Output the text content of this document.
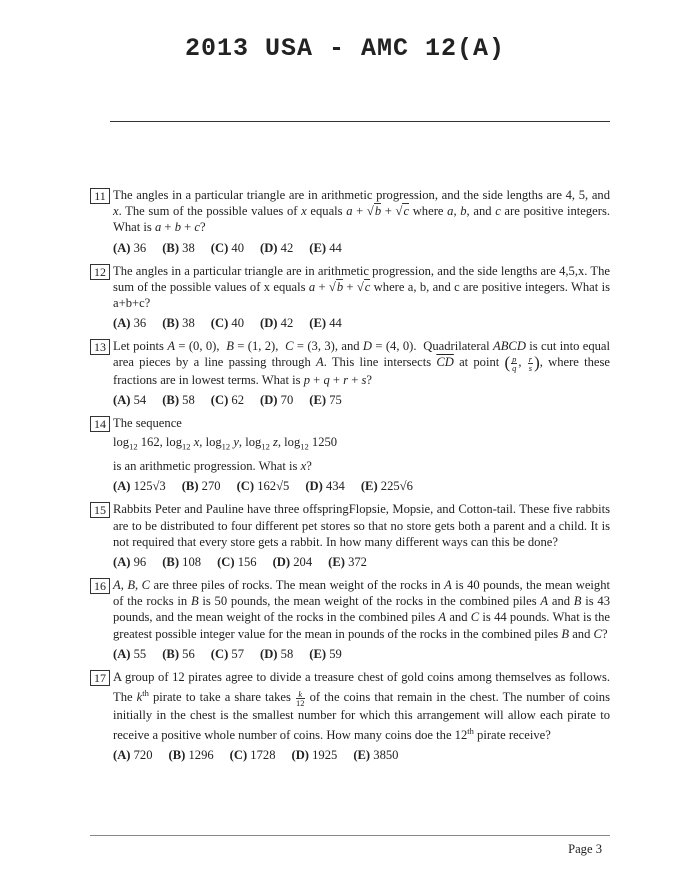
2013 USA - AMC 12(A)
11 The angles in a particular triangle are in arithmetic progression, and the side lengths are 4, 5, and x. The sum of the possible values of x equals a + √b + √c where a, b, and c are positive integers. What is a + b + c?
(A) 36 (B) 38 (C) 40 (D) 42 (E) 44
12 The angles in a particular triangle are in arithmetic progression, and the side lengths are 4,5,x. The sum of the possible values of x equals a + √b + √c where a, b, and c are positive integers. What is a+b+c?
(A) 36 (B) 38 (C) 40 (D) 42 (E) 44
13 Let points A = (0, 0),  B = (1, 2),  C = (3, 3), and D = (4, 0).  Quadrilateral ABCD is cut into equal area pieces by a line passing through A. This line intersects $\overline{CD}$ at point ( $\frac{p}{q}$ , $\frac{r}{s}$ ), where these fractions are in lowest terms. What is p + q + r + s?
(A) 54 (B) 58 (C) 62 (D) 70 (E) 75
14 The sequence
$\log_{12} 162$, $\log_{12} x$, $\log_{12} y$, $\log_{12} z$, $\log_{12} 1250$
is an arithmetic progression. What is x?
(A) 125√3 (B) 270 (C) 162√5 (D) 434 (E) 225√6
15 Rabbits Peter and Pauline have three offspringFlopsie, Mopsie, and Cotton-tail. These five rabbits are to be distributed to four different pet stores so that no store gets both a parent and a child. It is not required that every store gets a rabbit. In how many different ways can this be done?
(A) 96 (B) 108 (C) 156 (D) 204 (E) 372
16 A, B, C are three piles of rocks. The mean weight of the rocks in A is 40 pounds, the mean weight of the rocks in B is 50 pounds, the mean weight of the rocks in the combined piles A and B is 43 pounds, and the mean weight of the rocks in the combined piles A and C is 44 pounds. What is the greatest possible integer value for the mean in pounds of the rocks in the combined piles B and C?
(A) 55 (B) 56 (C) 57 (D) 58 (E) 59
17 A group of 12 pirates agree to divide a treasure chest of gold coins among themselves as follows. The $k^{th}$ pirate to take a share takes $\frac{k}{12}$ of the coins that remain in the chest. The number of coins initially in the chest is the smallest number for which this arrangement will allow each pirate to receive a positive whole number of coins. How many coins doe the 12th pirate receive?
(A) 720 (B) 1296 (C) 1728 (D) 1925 (E) 3850
Page 3
